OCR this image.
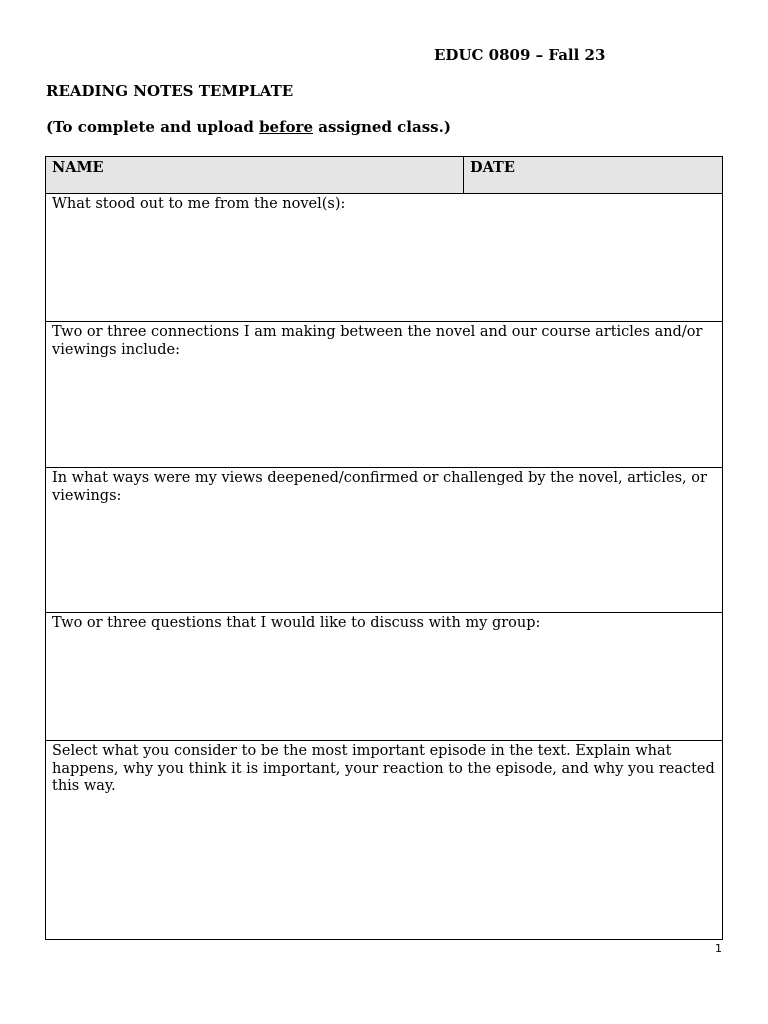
EDUC 0809 – Fall 23
READING NOTES TEMPLATE
(To complete and upload before assigned class.)
NAME	DATE
What stood out to me from the novel(s):
Two or three connections I am making between the novel and our course articles and/or viewings include:
In what ways were my views deepened/confirmed or challenged by the novel, articles, or viewings:
Two or three questions that I would like to discuss with my group:
Select what you consider to be the most important episode in the text. Explain what happens, why you think it is important, your reaction to the episode, and why you reacted this way.
1
